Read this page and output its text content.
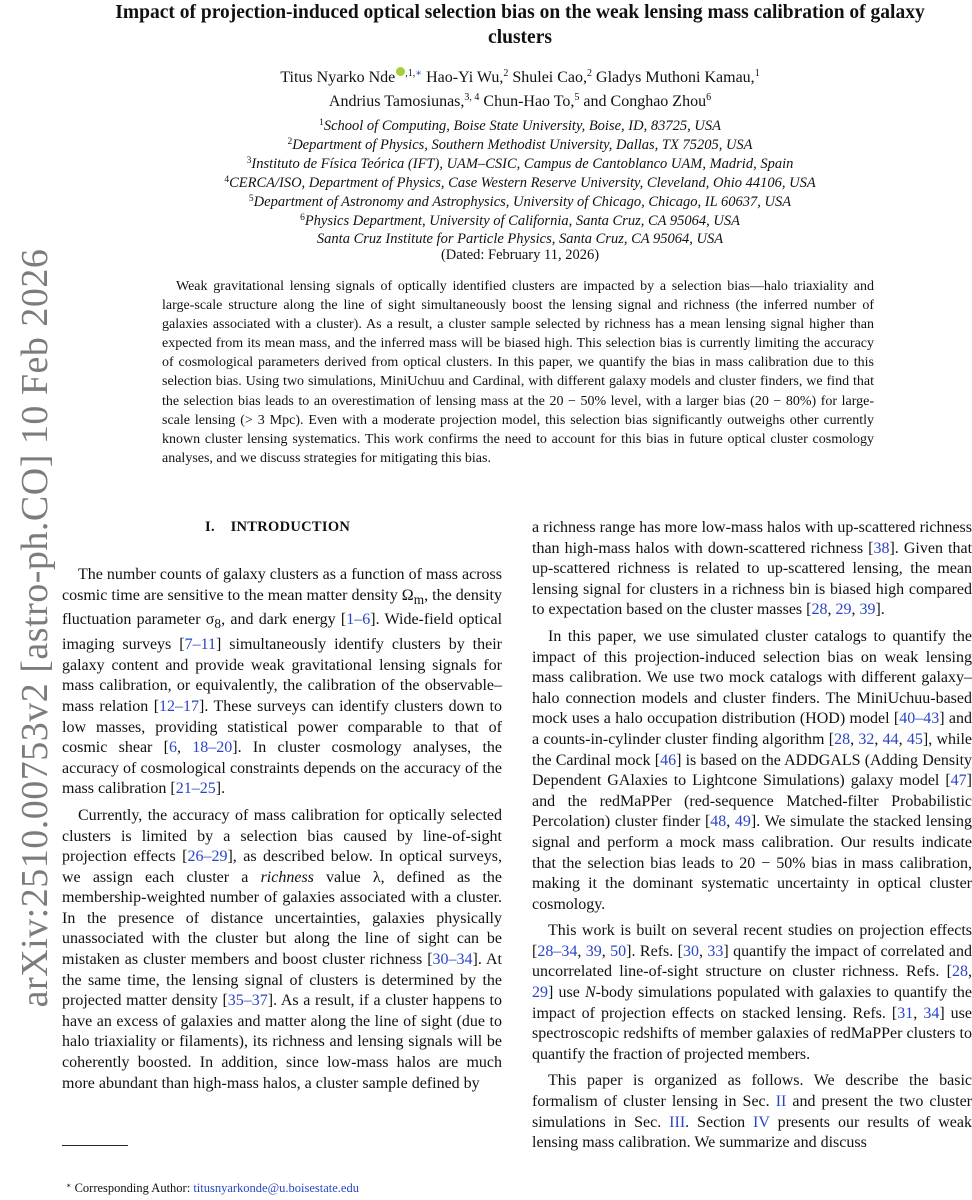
arXiv:2510.00753v2 [astro-ph.CO] 10 Feb 2026
Impact of projection-induced optical selection bias on the weak lensing mass calibration of galaxy clusters
Titus Nyarko Nde $^{,1,∗}$ Hao-Yi Wu,$^2$ Shulei Cao,$^2$ Gladys Muthoni Kamau,$^1$
Andrius Tamosiunas,$^{3, 4}$ Chun-Hao To,$^5$ and Conghao Zhou$^6$
$^1$School of Computing, Boise State University, Boise, ID, 83725, USA
$^2$Department of Physics, Southern Methodist University, Dallas, TX 75205, USA
$^3$Instituto de Física Teórica (IFT), UAM–CSIC, Campus de Cantoblanco UAM, Madrid, Spain
$^4$CERCA/ISO, Department of Physics, Case Western Reserve University, Cleveland, Ohio 44106, USA
$^5$Department of Astronomy and Astrophysics, University of Chicago, Chicago, IL 60637, USA
$^6$Physics Department, University of California, Santa Cruz, CA 95064, USA
Santa Cruz Institute for Particle Physics, Santa Cruz, CA 95064, USA
(Dated: February 11, 2026)

Weak gravitational lensing signals of optically identified clusters are impacted by a selection bias—halo triaxiality and large-scale structure along the line of sight simultaneously boost the lensing signal and richness (the inferred number of galaxies associated with a cluster). As a result, a cluster sample selected by richness has a mean lensing signal higher than expected from its mean mass, and the inferred mass will be biased high. This selection bias is currently limiting the accuracy of cosmological parameters derived from optical clusters. In this paper, we quantify the bias in mass calibration due to this selection bias. Using two simulations, MiniUchuu and Cardinal, with different galaxy models and cluster finders, we find that the selection bias leads to an overestimation of lensing mass at the 20 − 50% level, with a larger bias (20 − 80%) for large-scale lensing (> 3 Mpc). Even with a moderate projection model, this selection bias significantly outweighs other currently known cluster lensing systematics. This work confirms the need to account for this bias in future optical cluster cosmology analyses, and we discuss strategies for mitigating this bias.

I. INTRODUCTION

The number counts of galaxy clusters as a function of mass across cosmic time are sensitive to the mean matter density $\Omega_m$, the density fluctuation parameter $\sigma_8$, and dark energy [1–6]. Wide-field optical imaging surveys [7–11] simultaneously identify clusters by their galaxy content and provide weak gravitational lensing signals for mass calibration, or equivalently, the calibration of the observable–mass relation [12–17]. These surveys can identify clusters down to low masses, providing statistical power comparable to that of cosmic shear [6, 18–20]. In cluster cosmology analyses, the accuracy of cosmological constraints depends on the accuracy of the mass calibration [21–25].

Currently, the accuracy of mass calibration for optically selected clusters is limited by a selection bias caused by line-of-sight projection effects [26–29], as described below. In optical surveys, we assign each cluster a richness value λ, defined as the membership-weighted number of galaxies associated with a cluster. In the presence of distance uncertainties, galaxies physically unassociated with the cluster but along the line of sight can be mistaken as cluster members and boost cluster richness [30–34]. At the same time, the lensing signal of clusters is determined by the projected matter density [35–37]. As a result, if a cluster happens to have an excess of galaxies and matter along the line of sight (due to halo triaxiality or filaments), its richness and lensing signals will be coherently boosted. In addition, since low-mass halos are much more abundant than high-mass halos, a cluster sample defined by

a richness range has more low-mass halos with up-scattered richness than high-mass halos with down-scattered richness [38]. Given that up-scattered richness is related to up-scattered lensing, the mean lensing signal for clusters in a richness bin is biased high compared to expectation based on the cluster masses [28, 29, 39].

In this paper, we use simulated cluster catalogs to quantify the impact of this projection-induced selection bias on weak lensing mass calibration. We use two mock catalogs with different galaxy–halo connection models and cluster finders. The MiniUchuu-based mock uses a halo occupation distribution (HOD) model [40–43] and a counts-in-cylinder cluster finding algorithm [28, 32, 44, 45], while the Cardinal mock [46] is based on the ADDGALS (Adding Density Dependent GAlaxies to Lightcone Simulations) galaxy model [47] and the redMaPPer (red-sequence Matched-filter Probabilistic Percolation) cluster finder [48, 49]. We simulate the stacked lensing signal and perform a mock mass calibration. Our results indicate that the selection bias leads to 20 − 50% bias in mass calibration, making it the dominant systematic uncertainty in optical cluster cosmology.

This work is built on several recent studies on projection effects [28–34, 39, 50]. Refs. [30, 33] quantify the impact of correlated and uncorrelated line-of-sight structure on cluster richness. Refs. [28, 29] use N-body simulations populated with galaxies to quantify the impact of projection effects on stacked lensing. Refs. [31, 34] use spectroscopic redshifts of member galaxies of redMaPPer clusters to quantify the fraction of projected members.

This paper is organized as follows. We describe the basic formalism of cluster lensing in Sec. II and present the two cluster simulations in Sec. III. Section IV presents our results of weak lensing mass calibration. We summarize and discuss

∗ Corresponding Author: titusnyarkonde@u.boisestate.edu
